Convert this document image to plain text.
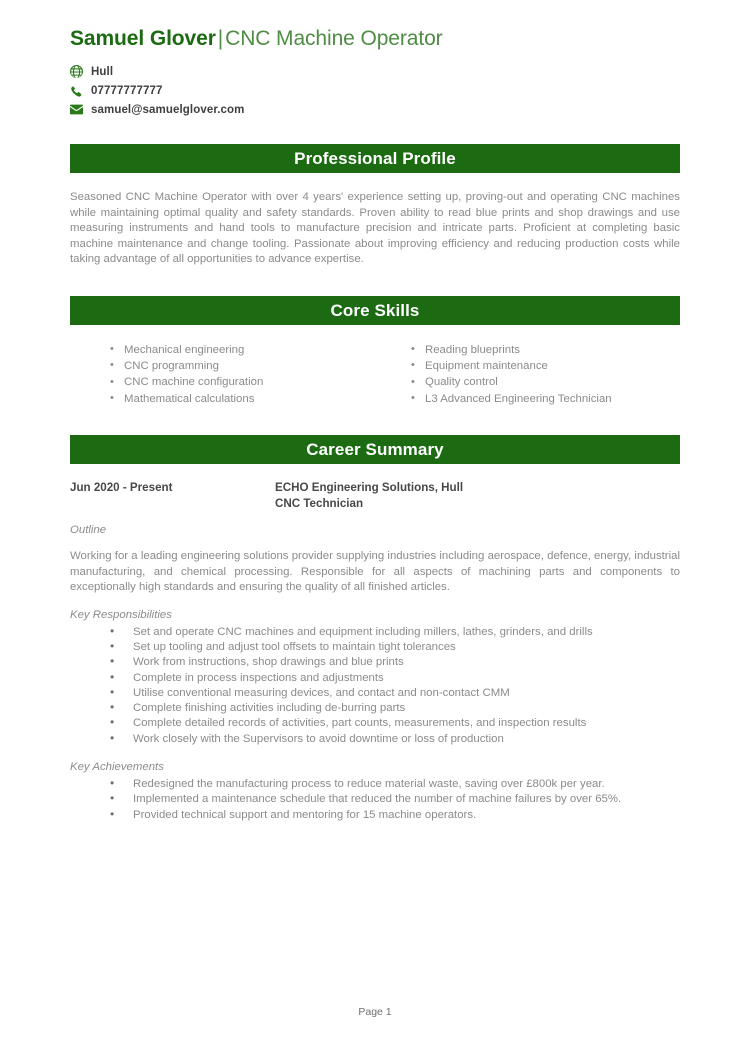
Samuel Glover|CNC Machine Operator
Hull
07777777777
samuel@samuelglover.com
Professional Profile

Seasoned CNC Machine Operator with over 4 years' experience setting up, proving-out and operating CNC machines while maintaining optimal quality and safety standards. Proven ability to read blue prints and shop drawings and use measuring instruments and hand tools to manufacture precision and intricate parts. Proficient at completing basic machine maintenance and change tooling. Passionate about improving efficiency and reducing production costs while taking advantage of all opportunities to advance expertise.

Core Skills
• Mechanical engineering
• CNC programming
• CNC machine configuration
• Mathematical calculations
• Reading blueprints
• Equipment maintenance
• Quality control
• L3 Advanced Engineering Technician
Career Summary
Jun 2020 - Present	ECHO Engineering Solutions, Hull
CNC Technician
Outline

Working for a leading engineering solutions provider supplying industries including aerospace, defence, energy, industrial manufacturing, and chemical processing. Responsible for all aspects of machining parts and components to exceptionally high standards and ensuring the quality of all finished articles.

Key Responsibilities
• Set and operate CNC machines and equipment including millers, lathes, grinders, and drills
• Set up tooling and adjust tool offsets to maintain tight tolerances
• Work from instructions, shop drawings and blue prints
• Complete in process inspections and adjustments
• Utilise conventional measuring devices, and contact and non-contact CMM
• Complete finishing activities including de-burring parts
• Complete detailed records of activities, part counts, measurements, and inspection results
• Work closely with the Supervisors to avoid downtime or loss of production
Key Achievements
• Redesigned the manufacturing process to reduce material waste, saving over £800k per year.
• Implemented a maintenance schedule that reduced the number of machine failures by over 65%.
• Provided technical support and mentoring for 15 machine operators.
Page 1
